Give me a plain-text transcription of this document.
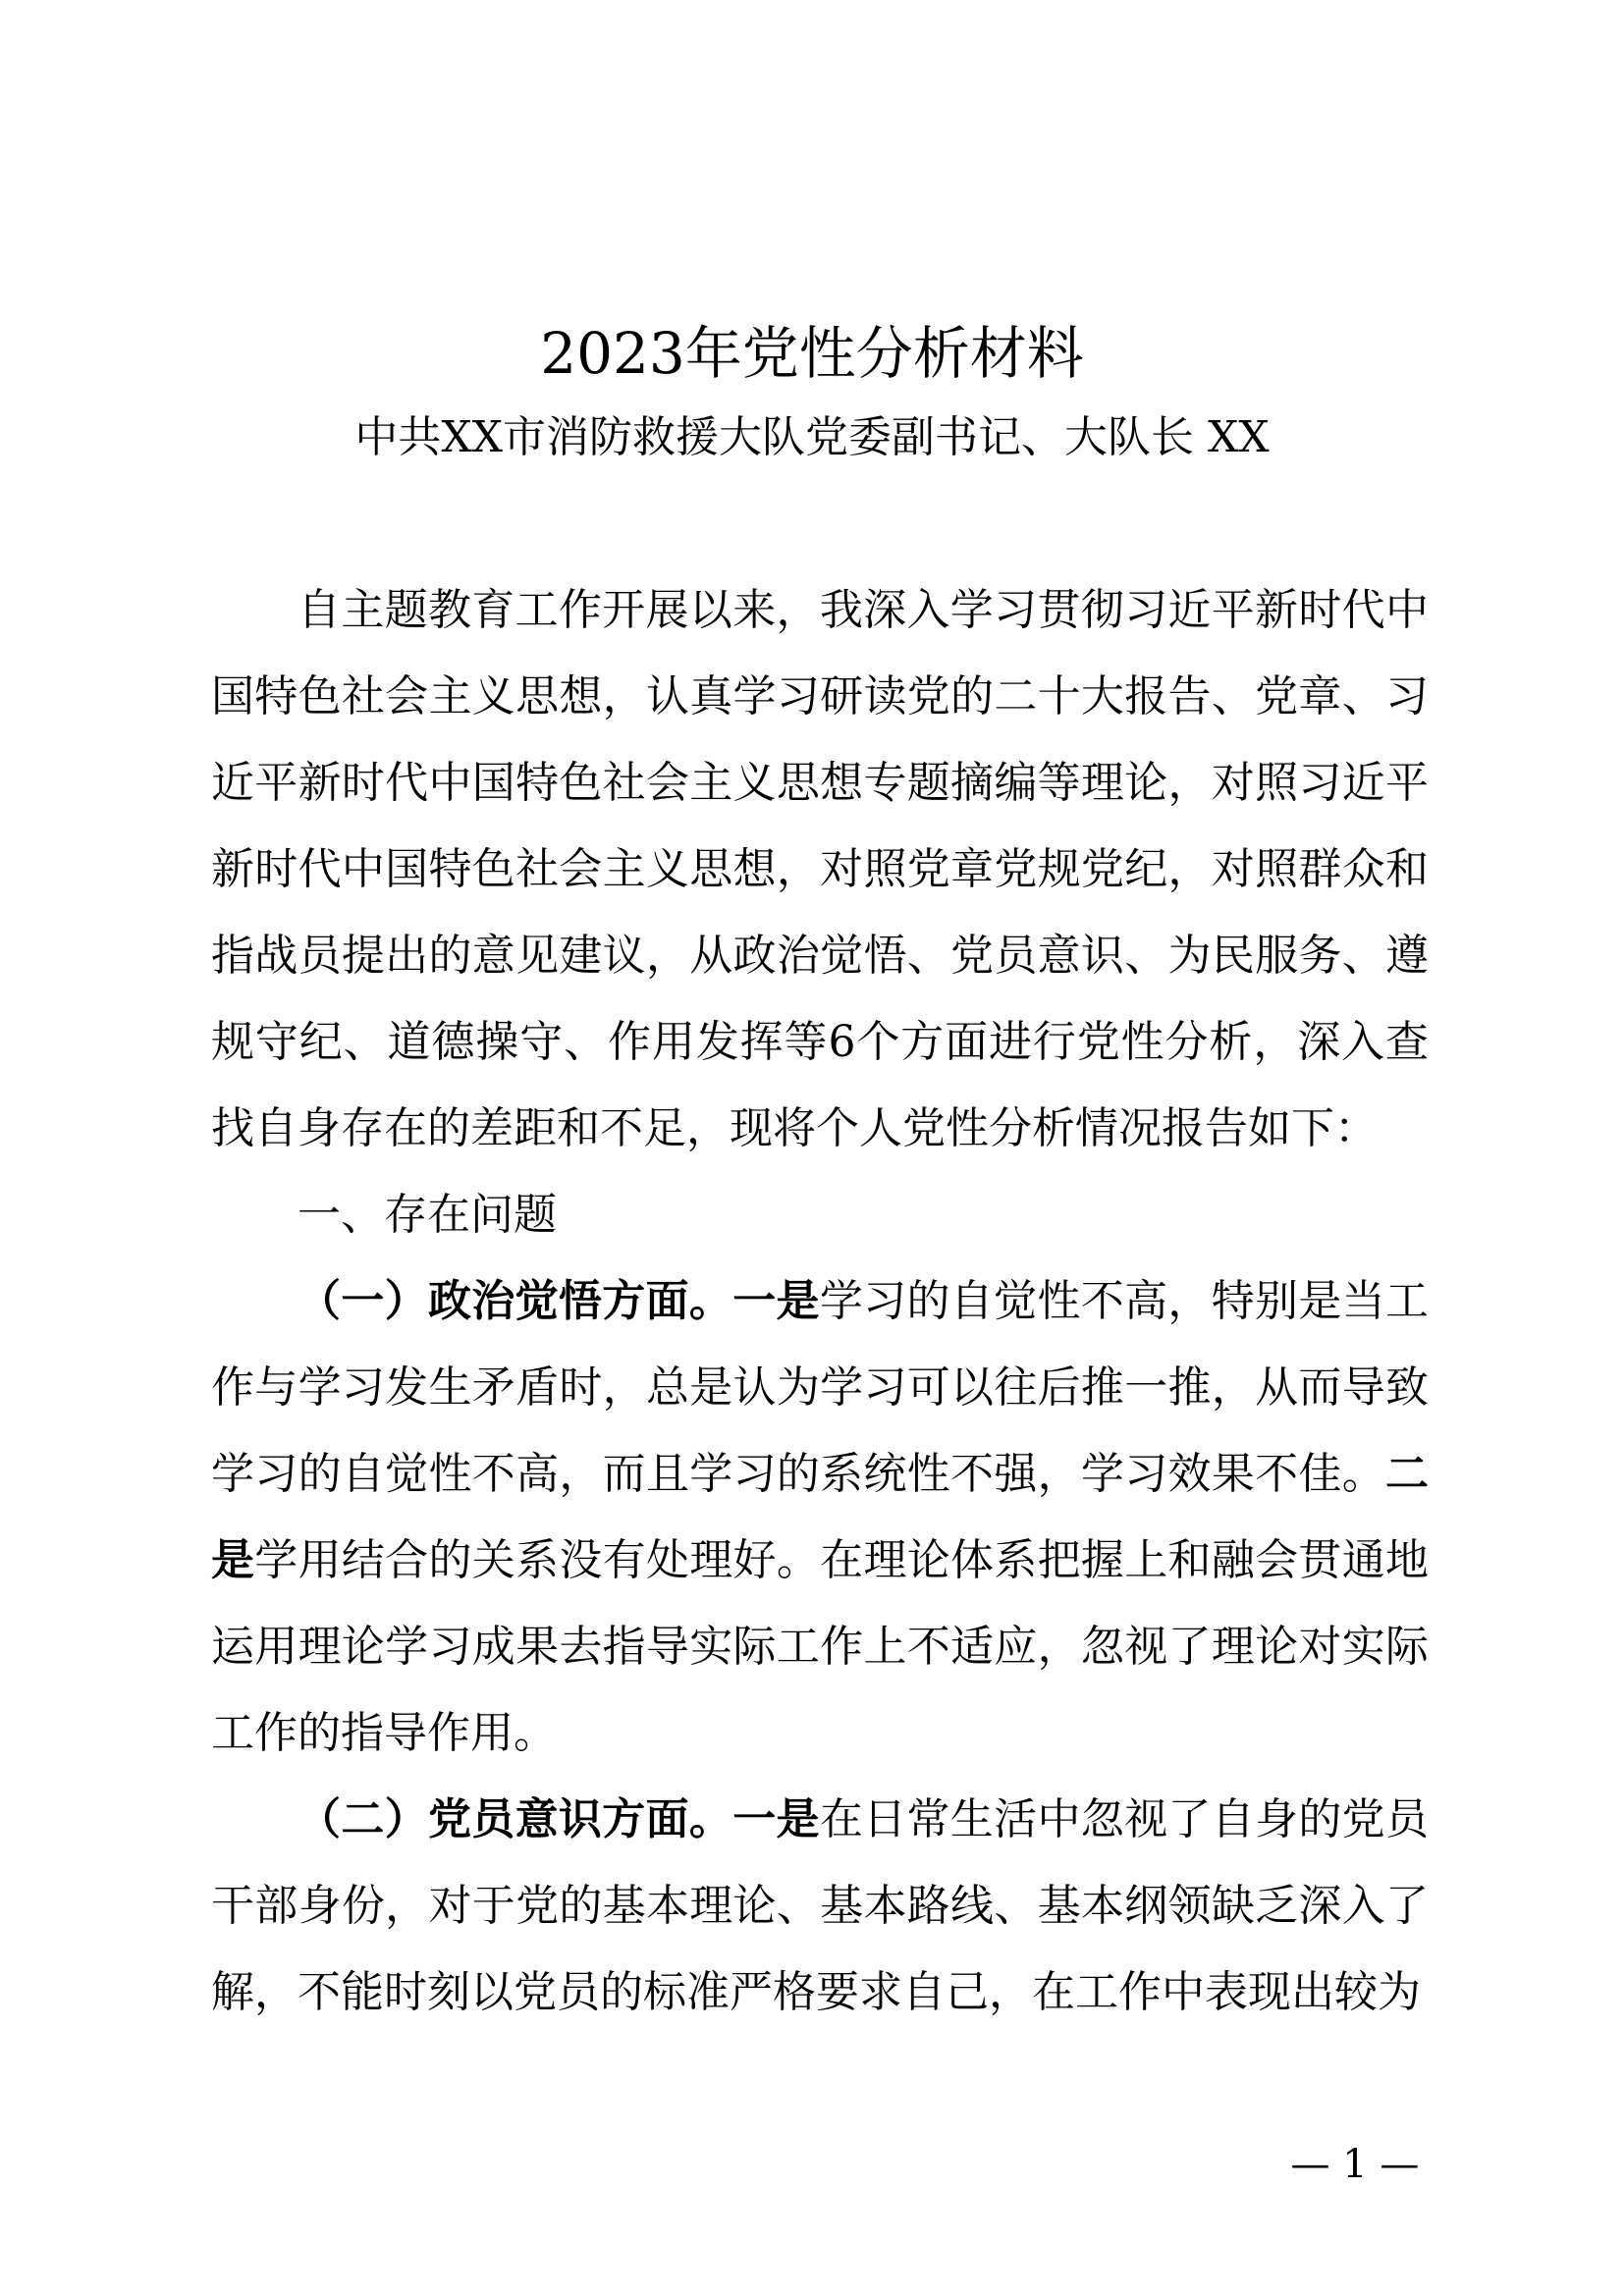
2023年党性分析材料

中共XX市消防救援大队党委副书记、大队长 XX

自主题教育工作开展以来，我深入学习贯彻习近平新时代中国特色社会主义思想，认真学习研读党的二十大报告、党章、习近平新时代中国特色社会主义思想专题摘编等理论，对照习近平新时代中国特色社会主义思想，对照党章党规党纪，对照群众和指战员提出的意见建议，从政治觉悟、党员意识、为民服务、遵规守纪、道德操守、作用发挥等6个方面进行党性分析，深入查找自身存在的差距和不足，现将个人党性分析情况报告如下：

一、存在问题

（一）政治觉悟方面。一是学习的自觉性不高，特别是当工作与学习发生矛盾时，总是认为学习可以往后推一推，从而导致学习的自觉性不高，而且学习的系统性不强，学习效果不佳。二是学用结合的关系没有处理好。在理论体系把握上和融会贯通地运用理论学习成果去指导实际工作上不适应，忽视了理论对实际工作的指导作用。

（二）党员意识方面。一是在日常生活中忽视了自身的党员干部身份，对于党的基本理论、基本路线、基本纲领缺乏深入了解，不能时刻以党员的标准严格要求自己，在工作中表现出较为

— 1 —
